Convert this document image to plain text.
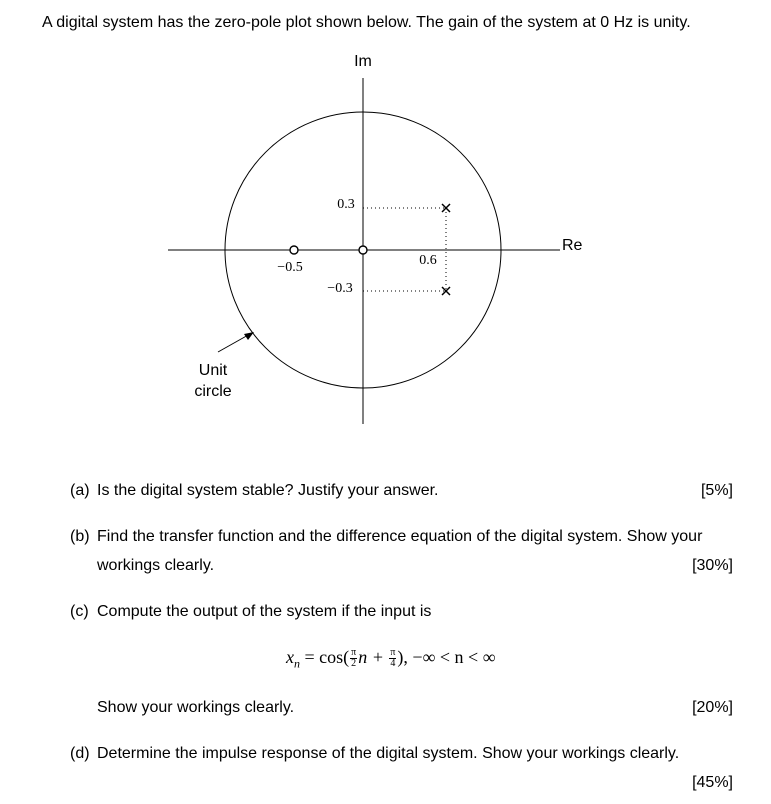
A digital system has the zero-pole plot shown below. The gain of the system at 0 Hz is unity.
Im
Re
0.3
−0.3
0.6
−0.5
Unit
circle
(a) Is the digital system stable? Justify your answer.	[5%]
(b) Find the transfer function and the difference equation of the digital system. Show your
workings clearly.	[30%]
(c) Compute the output of the system if the input is
$x_n = \cos( \frac{\pi}{2}$ $n + \frac{\pi}{4}$ ), −∞ < n < ∞
Show your workings clearly.	[20%]
(d) Determine the impulse response of the digital system. Show your workings clearly.
[45%]
